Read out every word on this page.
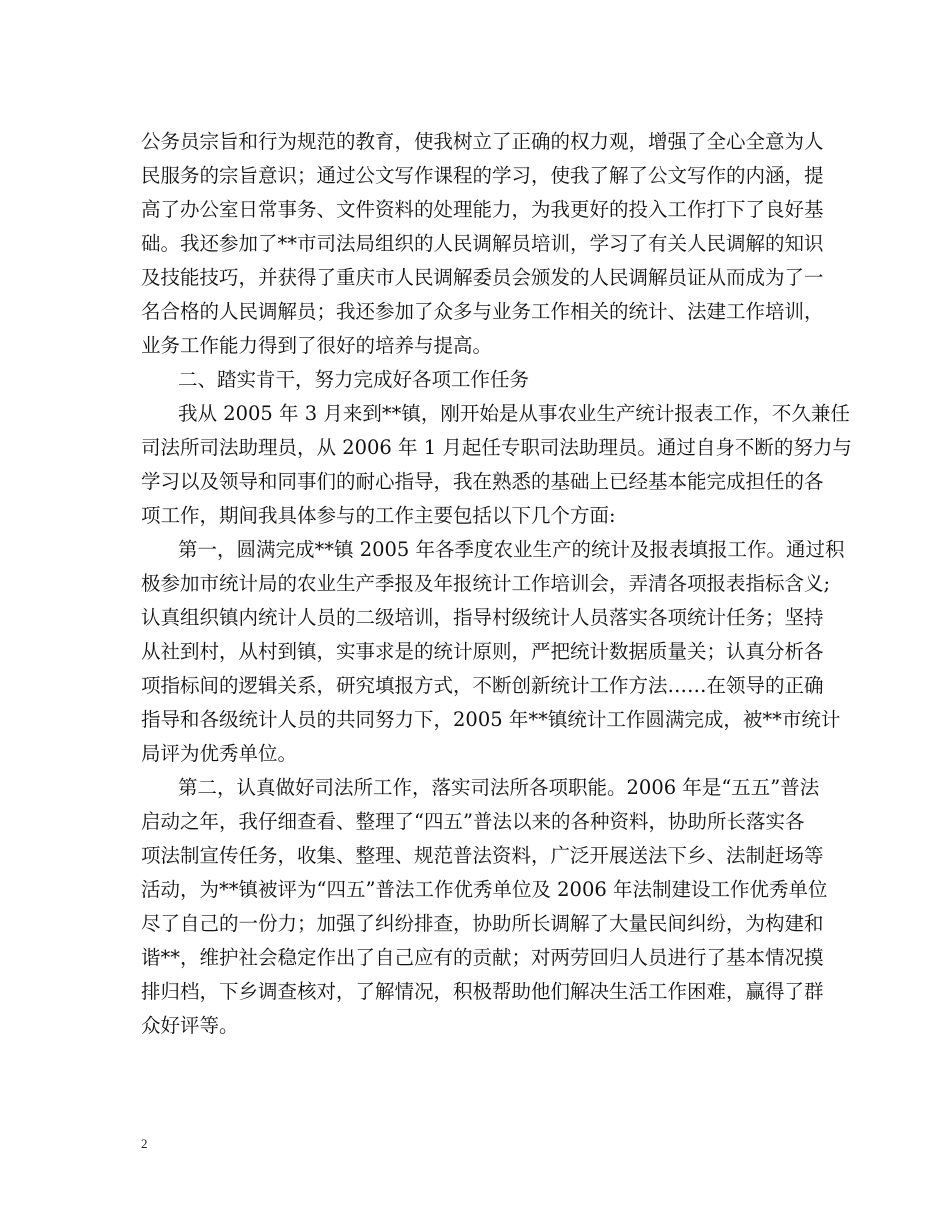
公务员宗旨和行为规范的教育，使我树立了正确的权力观，增强了全心全意为人
民服务的宗旨意识；通过公文写作课程的学习，使我了解了公文写作的内涵，提
高了办公室日常事务、文件资料的处理能力，为我更好的投入工作打下了良好基
础。我还参加了**市司法局组织的人民调解员培训，学习了有关人民调解的知识
及技能技巧，并获得了重庆市人民调解委员会颁发的人民调解员证从而成为了一
名合格的人民调解员；我还参加了众多与业务工作相关的统计、法建工作培训，
业务工作能力得到了很好的培养与提高。
二、踏实肯干，努力完成好各项工作任务
我从 2005 年 3 月来到**镇，刚开始是从事农业生产统计报表工作，不久兼任
司法所司法助理员，从 2006 年 1 月起任专职司法助理员。通过自身不断的努力与
学习以及领导和同事们的耐心指导，我在熟悉的基础上已经基本能完成担任的各
项工作，期间我具体参与的工作主要包括以下几个方面:
第一，圆满完成**镇 2005 年各季度农业生产的统计及报表填报工作。通过积
极参加市统计局的农业生产季报及年报统计工作培训会，弄清各项报表指标含义;
认真组织镇内统计人员的二级培训，指导村级统计人员落实各项统计任务；坚持
从社到村，从村到镇，实事求是的统计原则，严把统计数据质量关；认真分析各
项指标间的逻辑关系，研究填报方式，不断创新统计工作方法……在领导的正确
指导和各级统计人员的共同努力下，2005 年**镇统计工作圆满完成，被**市统计
局评为优秀单位。
第二，认真做好司法所工作，落实司法所各项职能。2006 年是“五五”普法
启动之年，我仔细查看、整理了“四五”普法以来的各种资料，协助所长落实各
项法制宣传任务，收集、整理、规范普法资料，广泛开展送法下乡、法制赶场等
活动，为**镇被评为“四五”普法工作优秀单位及 2006 年法制建设工作优秀单位
尽了自己的一份力；加强了纠纷排查，协助所长调解了大量民间纠纷，为构建和
谐**，维护社会稳定作出了自己应有的贡献；对两劳回归人员进行了基本情况摸
排归档，下乡调查核对，了解情况，积极帮助他们解决生活工作困难，赢得了群
众好评等。
2
